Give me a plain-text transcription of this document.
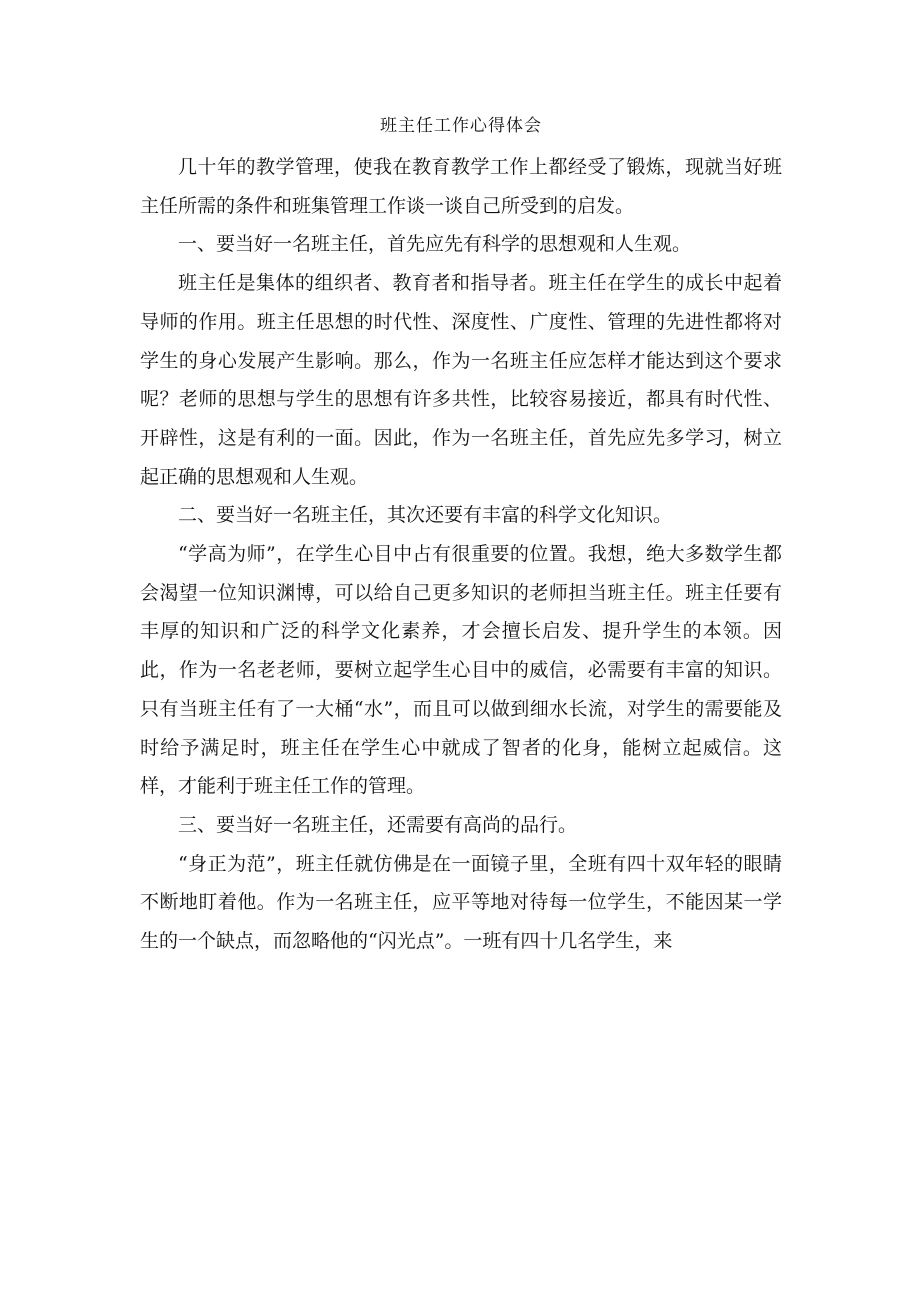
班主任工作心得体会

几十年的教学管理，使我在教育教学工作上都经受了锻炼，现就当好班主任所需的条件和班集管理工作谈一谈自己所受到的启发。

一、要当好一名班主任，首先应先有科学的思想观和人生观。

班主任是集体的组织者、教育者和指导者。班主任在学生的成长中起着导师的作用。班主任思想的时代性、深度性、广度性、管理的先进性都将对学生的身心发展产生影响。那么，作为一名班主任应怎样才能达到这个要求呢？老师的思想与学生的思想有许多共性，比较容易接近，都具有时代性、开辟性，这是有利的一面。因此，作为一名班主任，首先应先多学习，树立起正确的思想观和人生观。

二、要当好一名班主任，其次还要有丰富的科学文化知识。

“学高为师”，在学生心目中占有很重要的位置。我想，绝大多数学生都会渴望一位知识渊博，可以给自己更多知识的老师担当班主任。班主任要有丰厚的知识和广泛的科学文化素养，才会擅长启发、提升学生的本领。因此，作为一名老老师，要树立起学生心目中的威信，必需要有丰富的知识。只有当班主任有了一大桶“水”，而且可以做到细水长流，对学生的需要能及时给予满足时，班主任在学生心中就成了智者的化身，能树立起威信。这样，才能利于班主任工作的管理。

三、要当好一名班主任，还需要有高尚的品行。

“身正为范”，班主任就仿佛是在一面镜子里，全班有四十双年轻的眼睛不断地盯着他。作为一名班主任，应平等地对待每一位学生，不能因某一学生的一个缺点，而忽略他的“闪光点”。一班有四十几名学生，来
